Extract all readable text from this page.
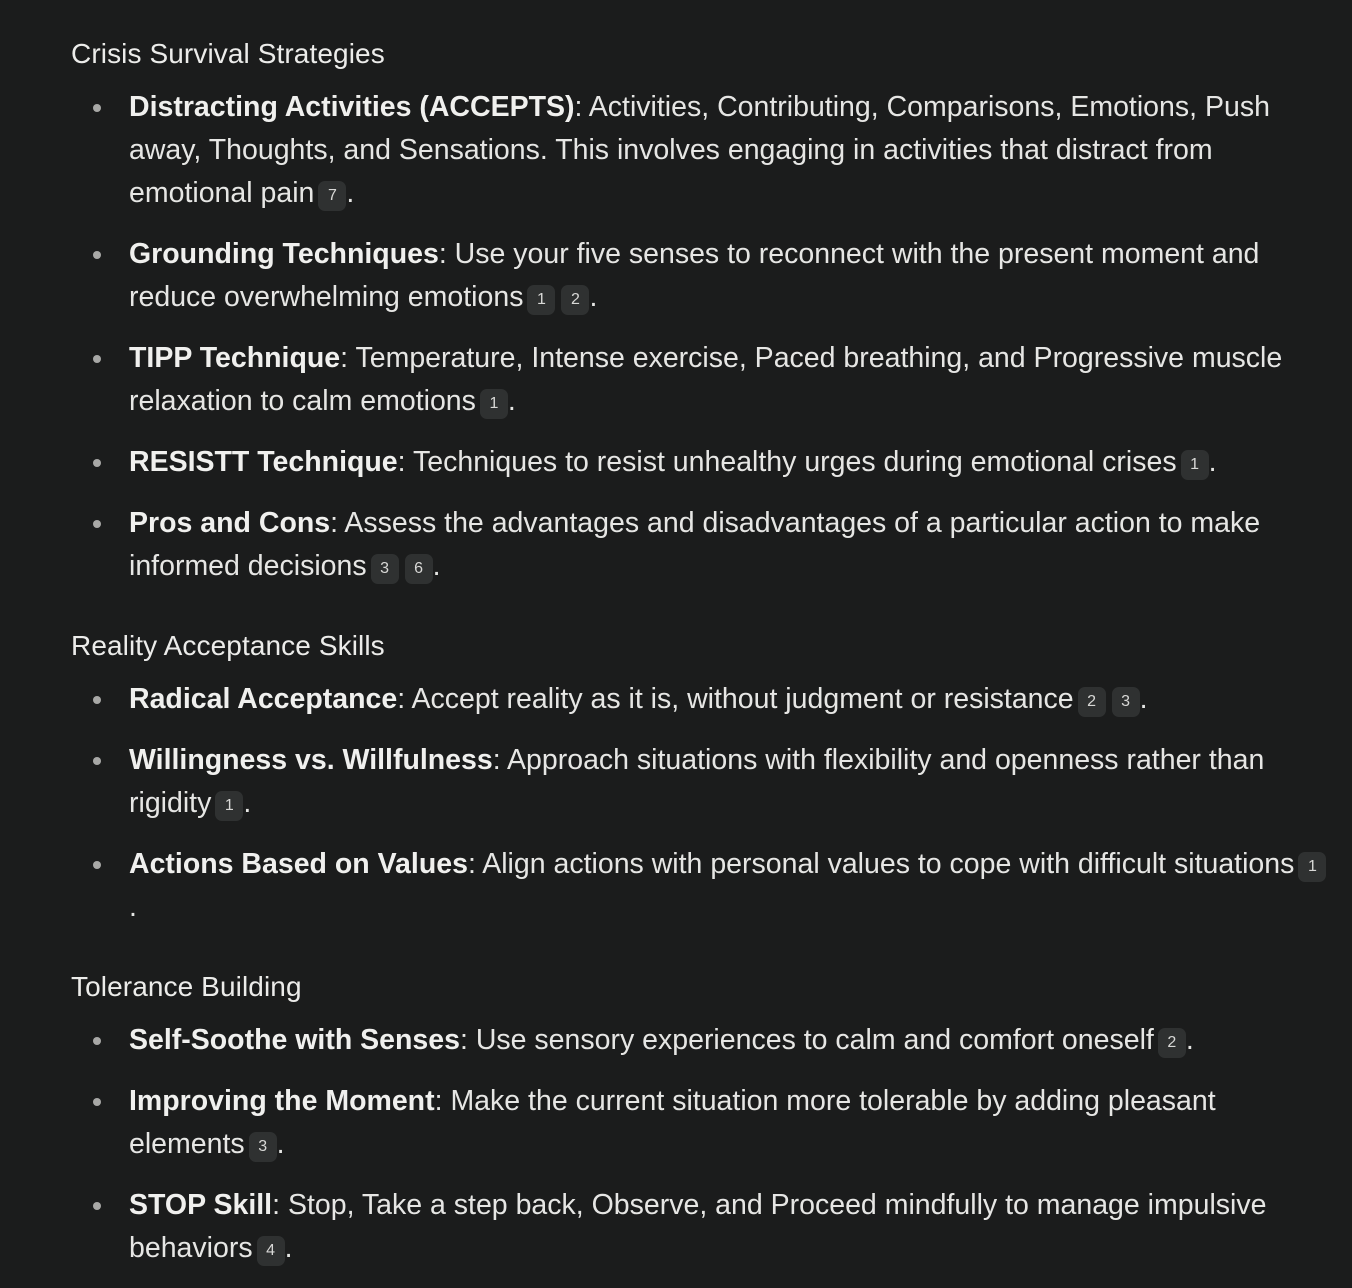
Crisis Survival Strategies
Distracting Activities (ACCEPTS): Activities, Contributing, Comparisons, Emotions, Push away, Thoughts, and Sensations. This involves engaging in activities that distract from emotional pain 7 .
Grounding Techniques: Use your five senses to reconnect with the present moment and reduce overwhelming emotions 1 2 .
TIPP Technique: Temperature, Intense exercise, Paced breathing, and Progressive muscle relaxation to calm emotions 1 .
RESISTT Technique: Techniques to resist unhealthy urges during emotional crises 1 .
Pros and Cons: Assess the advantages and disadvantages of a particular action to make informed decisions 3 6 .
Reality Acceptance Skills
Radical Acceptance: Accept reality as it is, without judgment or resistance 2 3 .
Willingness vs. Willfulness: Approach situations with flexibility and openness rather than rigidity 1 .
Actions Based on Values: Align actions with personal values to cope with difficult situations 1.
Tolerance Building
Self-Soothe with Senses: Use sensory experiences to calm and comfort oneself 2 .
Improving the Moment: Make the current situation more tolerable by adding pleasant elements 3 .
STOP Skill: Stop, Take a step back, Observe, and Proceed mindfully to manage impulsive behaviors 4 .
